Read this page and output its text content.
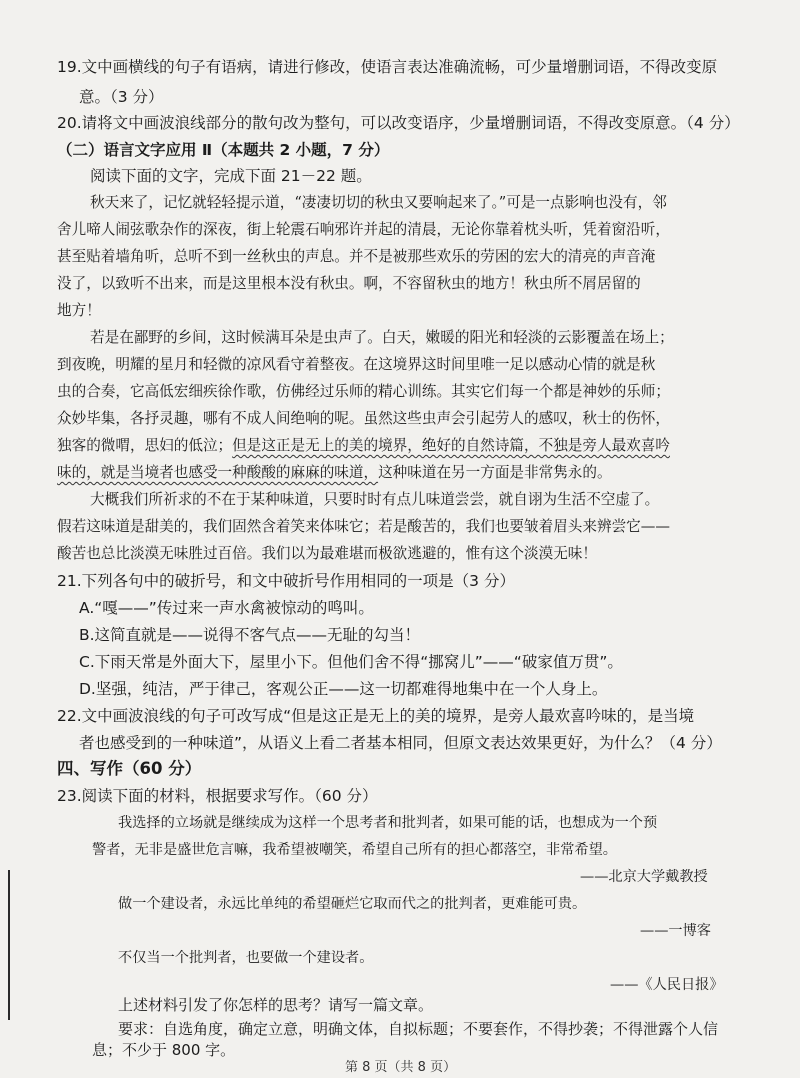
19.文中画横线的句子有语病，请进行修改，使语言表达准确流畅，可少量增删词语，不得改变原
意。（3 分）
20.请将文中画波浪线部分的散句改为整句，可以改变语序，少量增删词语，不得改变原意。（4 分）
（二）语言文字应用 Ⅱ（本题共 2 小题，7 分）
阅读下面的文字，完成下面 21－22 题。
秋天来了，记忆就轻轻提示道，“凄凄切切的秋虫又要响起来了。”可是一点影响也没有，邻
舍儿啼人闹弦歌杂作的深夜，街上轮震石响邪许并起的清晨，无论你靠着枕头听，凭着窗沿听，
甚至贴着墙角听，总听不到一丝秋虫的声息。并不是被那些欢乐的劳困的宏大的清亮的声音淹
没了，以致听不出来，而是这里根本没有秋虫。啊，不容留秋虫的地方！秋虫所不屑居留的
地方！
若是在鄙野的乡间，这时候满耳朵是虫声了。白天，嫩暖的阳光和轻淡的云影覆盖在场上；
到夜晚，明耀的星月和轻微的凉风看守着整夜。在这境界这时间里唯一足以感动心情的就是秋
虫的合奏，它高低宏细疾徐作歌，仿佛经过乐师的精心训练。其实它们每一个都是神妙的乐师；
众妙毕集，各抒灵趣，哪有不成人间绝响的呢。虽然这些虫声会引起劳人的感叹，秋士的伤怀，
独客的微喟，思妇的低泣；但是这正是无上的美的境界，绝好的自然诗篇，不独是旁人最欢喜吟
味的，就是当境者也感受一种酸酸的麻麻的味道，这种味道在另一方面是非常隽永的。
大概我们所祈求的不在于某种味道，只要时时有点儿味道尝尝，就自诩为生活不空虚了。
假若这味道是甜美的，我们固然含着笑来体味它；若是酸苦的，我们也要皱着眉头来辨尝它——
酸苦也总比淡漠无味胜过百倍。我们以为最难堪而极欲逃避的，惟有这个淡漠无味！
21.下列各句中的破折号，和文中破折号作用相同的一项是（3 分）
A.“嘎——”传过来一声水禽被惊动的鸣叫。
B.这简直就是——说得不客气点——无耻的勾当！
C.下雨天常是外面大下，屋里小下。但他们舍不得“挪窝儿”——“破家值万贯”。
D.坚强，纯洁，严于律己，客观公正——这一切都难得地集中在一个人身上。
22.文中画波浪线的句子可改写成“但是这正是无上的美的境界，是旁人最欢喜吟味的，是当境
者也感受到的一种味道”，从语义上看二者基本相同，但原文表达效果更好，为什么？（4 分）
四、写作（60 分）
23.阅读下面的材料，根据要求写作。（60 分）
我选择的立场就是继续成为这样一个思考者和批判者，如果可能的话，也想成为一个预
警者，无非是盛世危言嘛，我希望被嘲笑，希望自己所有的担心都落空，非常希望。
——北京大学戴教授
做一个建设者，永远比单纯的希望砸烂它取而代之的批判者，更难能可贵。
——一博客
不仅当一个批判者，也要做一个建设者。
——《人民日报》
上述材料引发了你怎样的思考？请写一篇文章。
要求：自选角度，确定立意，明确文体，自拟标题；不要套作，不得抄袭；不得泄露个人信
息；不少于 800 字。
第 8 页（共 8 页）
